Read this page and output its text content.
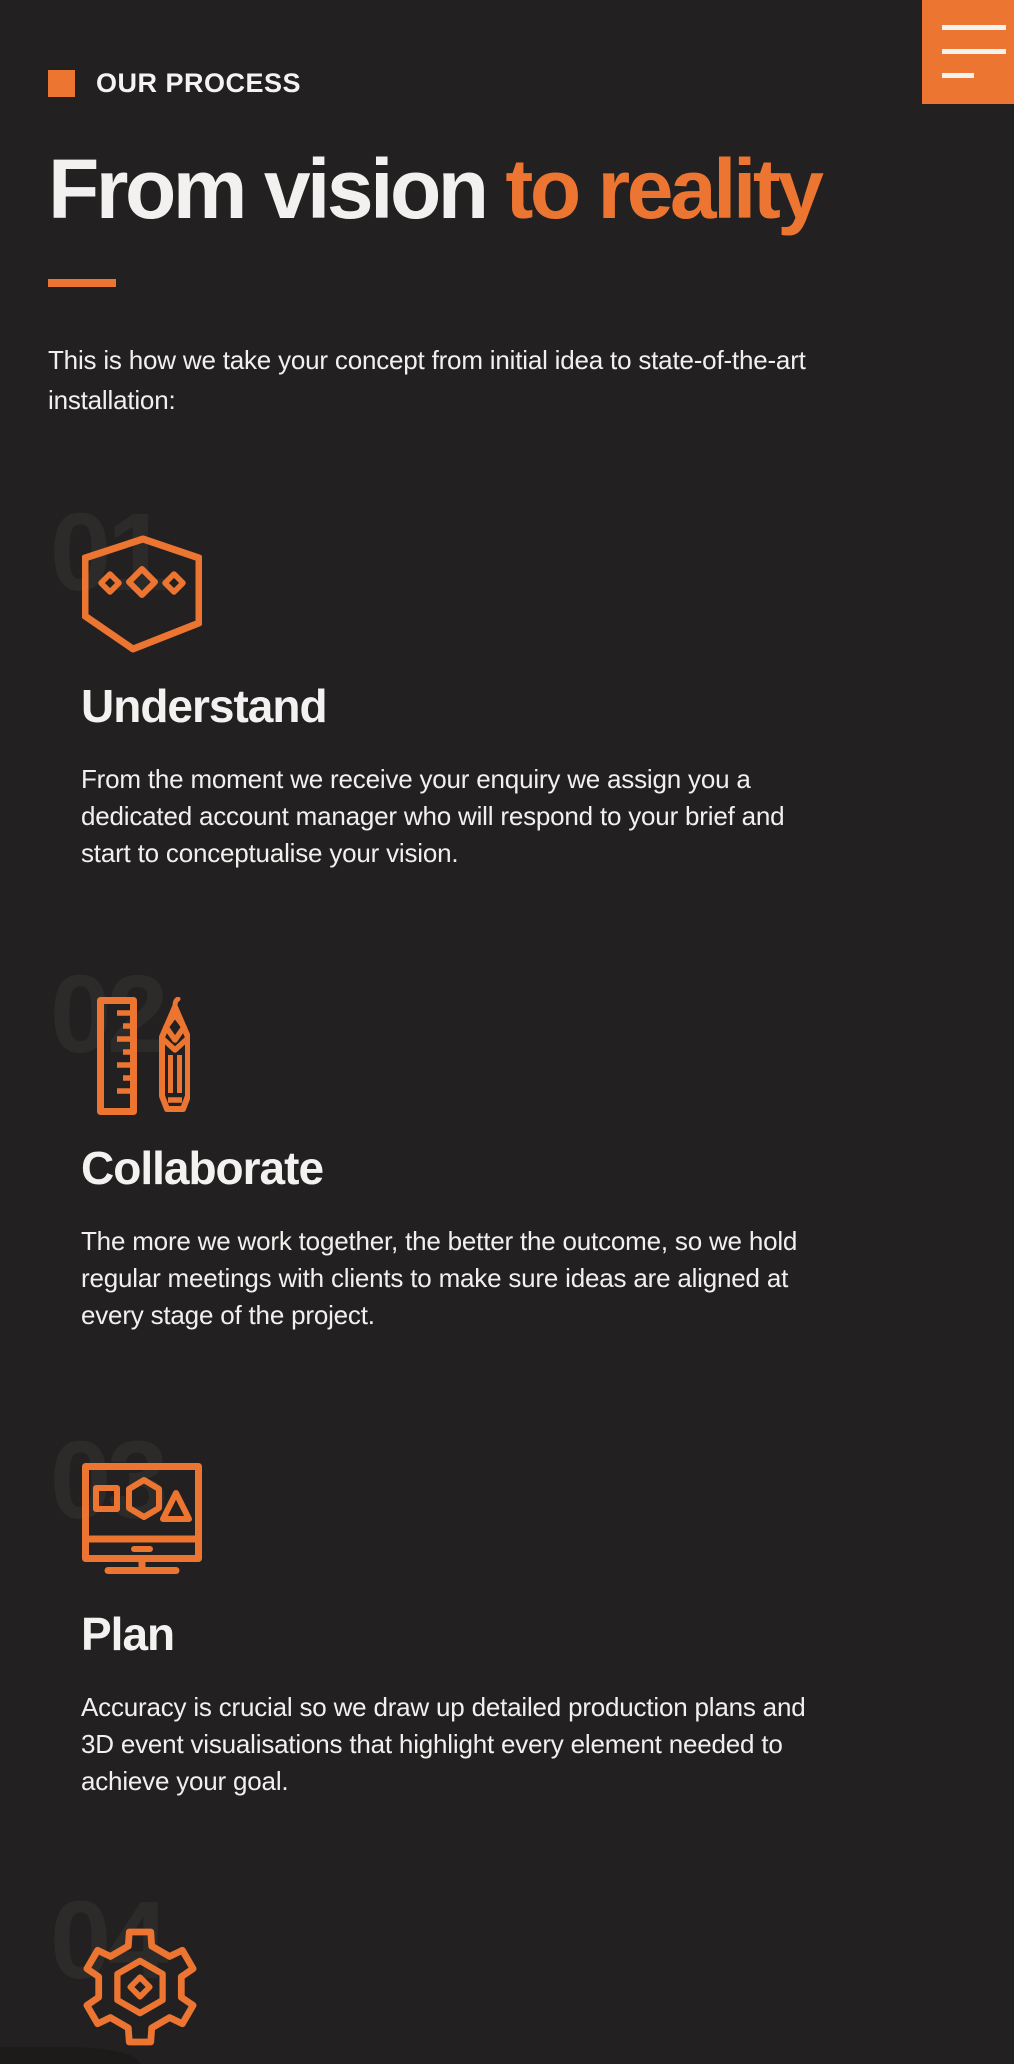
OUR PROCESS
From vision to reality

This is how we take your concept from initial idea to state-of-the-art installation:

01
Understand

From the moment we receive your enquiry we assign you a dedicated account manager who will respond to your brief and start to conceptualise your vision.

02
Collaborate

The more we work together, the better the outcome, so we hold regular meetings with clients to make sure ideas are aligned at every stage of the project.

03
Plan

Accuracy is crucial so we draw up detailed production plans and 3D event visualisations that highlight every element needed to achieve your goal.

04
